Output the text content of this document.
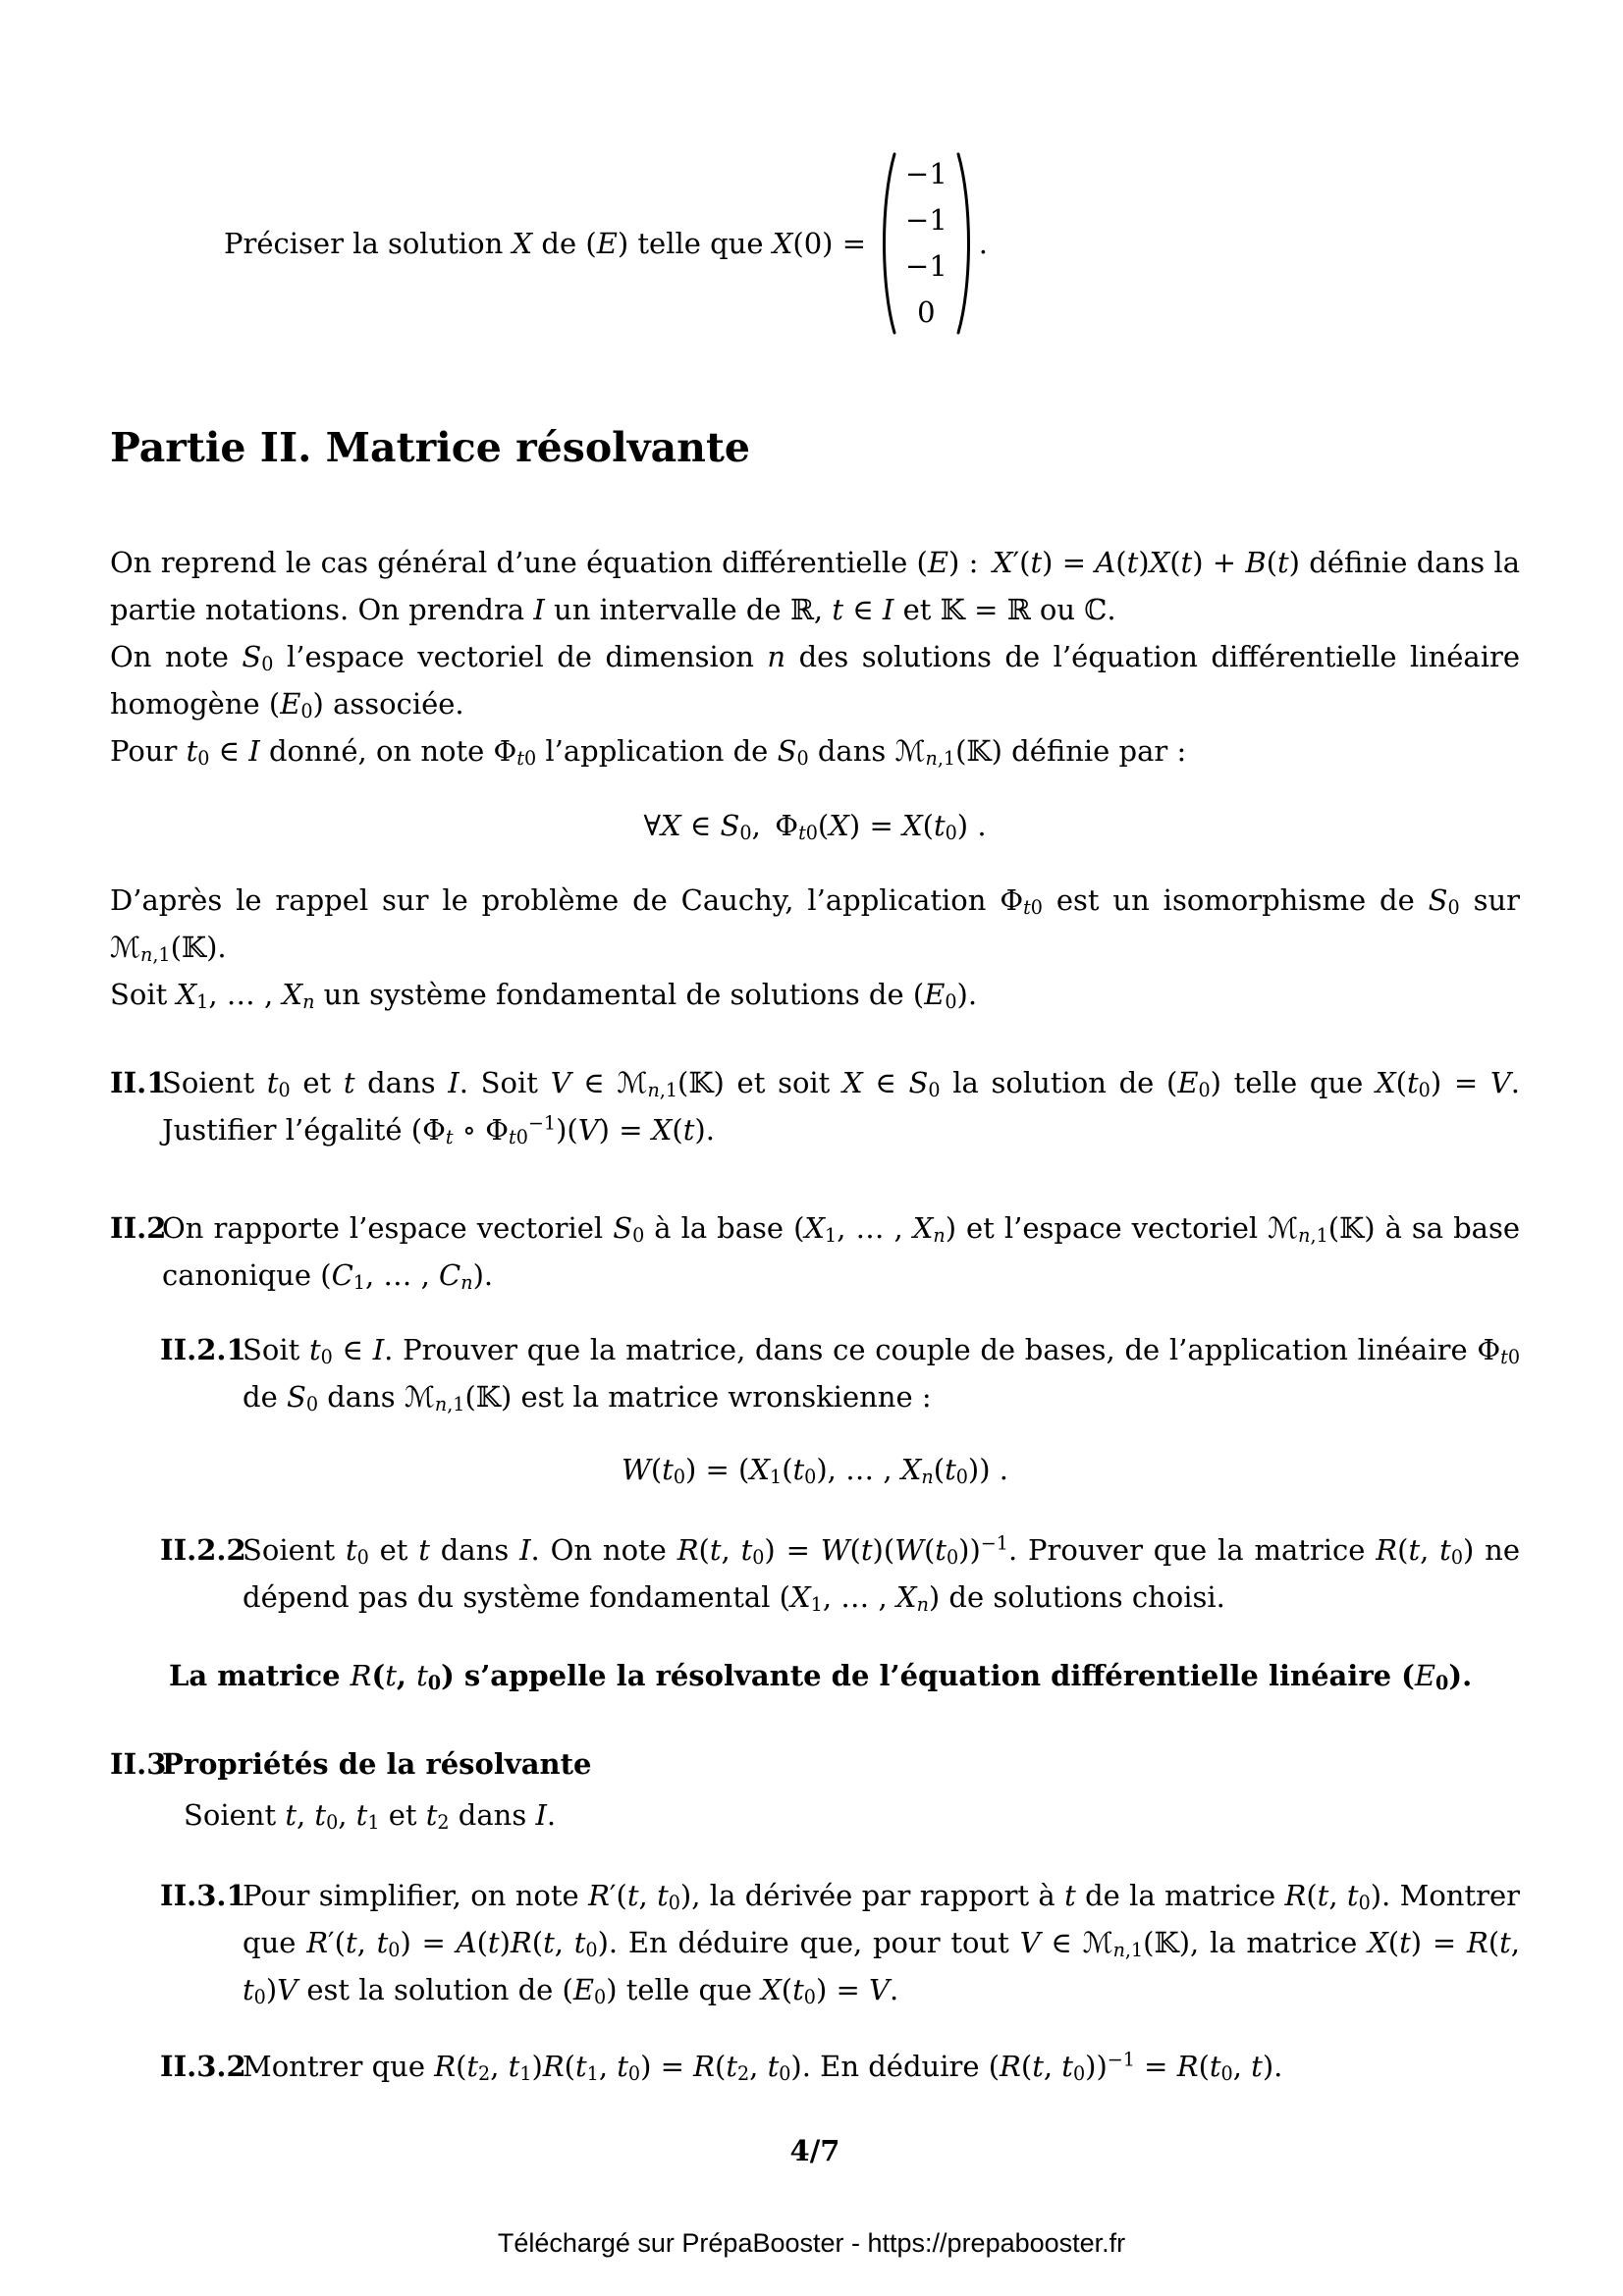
Préciser la solution X de (E) telle que X(0) =
−1
−1
−1
0
.
Partie II. Matrice résolvante

On reprend le cas général d’une équation différentielle (E) : X′(t) = A(t)X(t) + B(t) définie dans la partie notations. On prendra I un intervalle de ℝ, t ∈ I et 𝕂 = ℝ ou ℂ.

On note $S_0$ l’espace vectoriel de dimension n des solutions de l’équation différentielle linéaire homogène $(E_0)$ associée.

Pour $t_0$ ∈ I donné, on note $\Phi_{t0}$ l’application de $S_0$ dans ℳ$_{n,1}$(𝕂) définie par :

∀X ∈ $S_0$, $\Phi_{t0}(X) = X(t_0)$ .

D’après le rappel sur le problème de Cauchy, l’application $\Phi_{t0}$ est un isomorphisme de $S_0$ sur ℳ$_{n,1}$(𝕂).

Soit $X_1$, … , $X_n$ un système fondamental de solutions de $(E_0)$.

II.1
Soient $t_0$ et t dans I. Soit V ∈ ℳ$_{n,1}$(𝕂) et soit X ∈ $S_0$ la solution de $(E_0)$ telle que $X(t_0) = V$. Justifier l’égalité ($\Phi_t$ ∘ $\Phi_{t0}^{-1})(V) = X(t)$.
II.2
On rapporte l’espace vectoriel $S_0$ à la base ($X_1$, … , $X_n$) et l’espace vectoriel ℳ$_{n,1}$(𝕂) à sa base canonique ($C_1$, … , $C_n$).
II.2.1
Soit $t_0$ ∈ I. Prouver que la matrice, dans ce couple de bases, de l’application linéaire $\Phi_{t0}$ de $S_0$ dans ℳ$_{n,1}$(𝕂) est la matrice wronskienne :
$W(t_0) = (X_1(t_0)$, … , $X_n(t_0)$) .
II.2.2
Soient $t_0$ et t dans I. On note R(t, $t_0) = W(t)(W(t_0))^{-1}$. Prouver que la matrice R(t, $t_0$) ne dépend pas du système fondamental ($X_1$, … , $X_n$) de solutions choisi.
La matrice R(t, $t_0$) s’appelle la résolvante de l’équation différentielle linéaire $(E_0)$.
II.3
Propriétés de la résolvante
Soient t, $t_0$, $t_1$ et $t_2$ dans I.
II.3.1
Pour simplifier, on note R′(t, $t_0$), la dérivée par rapport à t de la matrice R(t, $t_0$). Montrer que R′(t, $t_0) = A(t)R(t$, $t_0$). En déduire que, pour tout V ∈ ℳ$_{n,1}$(𝕂), la matrice X(t) = R(t, $t_0)V$ est la solution de $(E_0)$ telle que $X(t_0) = V$.
II.3.2
Montrer que $R(t_2$, $t_1)R(t_1$, $t_0) = R(t_2$, $t_0$). En déduire (R(t, $t_0))^{-1} = R(t_0$, t).
4/7
Téléchargé sur PrépaBooster - https://prepabooster.fr
